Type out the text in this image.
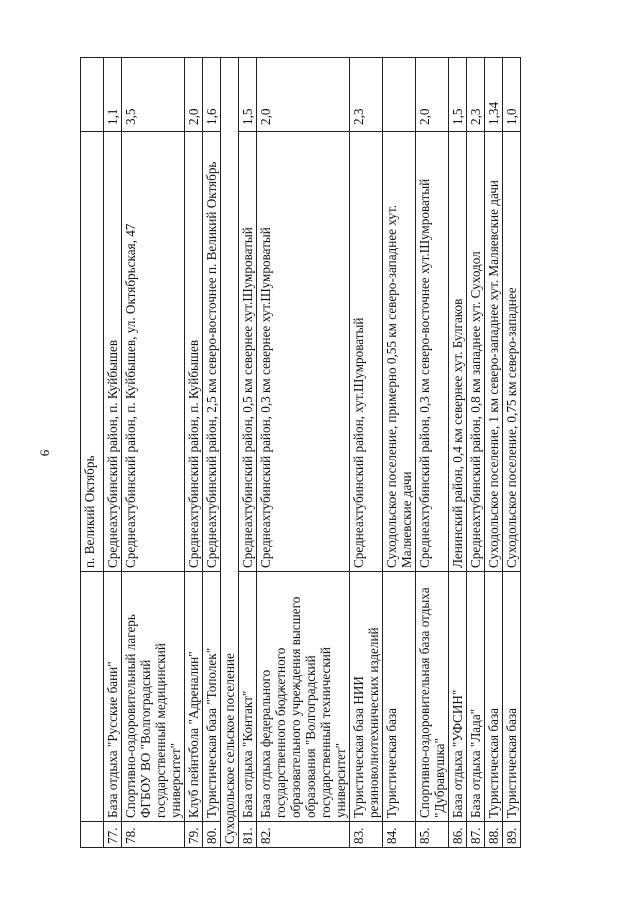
9
		п. Великий Октябрь	
77.	База отдыха "Русские бани"	Среднеахтубинский район, п. Куйбышев	1,1
78.	Спортивно-оздоровительный лагерь ФГБОУ ВО "Волгоградский государственный медицинский университет"	Среднеахтубинский район, п. Куйбышев, ул. Октябрьская, 47	3,5
79.	Клуб пейнтбола "Адреналин"	Среднеахтубинский район, п. Куйбышев	2,0
80.	Туристическая база "Тополек"	Среднеахтубинский район, 2,5 км северо-восточнее п. Великий Октябрь	1,6
Суходольское сельское поселение			
81.	База отдыха "Контакт"	Среднеахтубинский район, 0,5 км севернее хут.Шумроватый	1,5
82.	База отдыха федерального государственного бюджетного образовательного учреждения высшего образования "Волгоградский государственный технический университет"	Среднеахтубинский район, 0,3 км севернее хут.Шумроватый	2,0
83.	Туристическая база НИИ резиноволнотехнических изделий	Среднеахтубинский район, хут.Шумроватый	2,3
84.	Туристическая база	Суходольское поселение, примерно 0,55 км северо-западнее хут. Маляевские дачи	
85.	Спортивно-оздоровительная база отдыха "Дубравушка"	Среднеахтубинский район, 0,3 км северо-восточнее хут.Шумроватый	2,0
86.	База отдыха "УФСИН"	Ленинский район, 0,4 км севернее хут. Булгаков	1,5
87.	База отдыха "Лада"	Среднеахтубинский район, 0,8 км западнее хут. Суходол	2,3
88.	Туристическая база	Суходольское поселение, 1 км северо-западнее хут. Маляевские дачи	1,34
89.	Туристическая база	Суходольское поселение, 0,75 км северо-западнее	1,0
